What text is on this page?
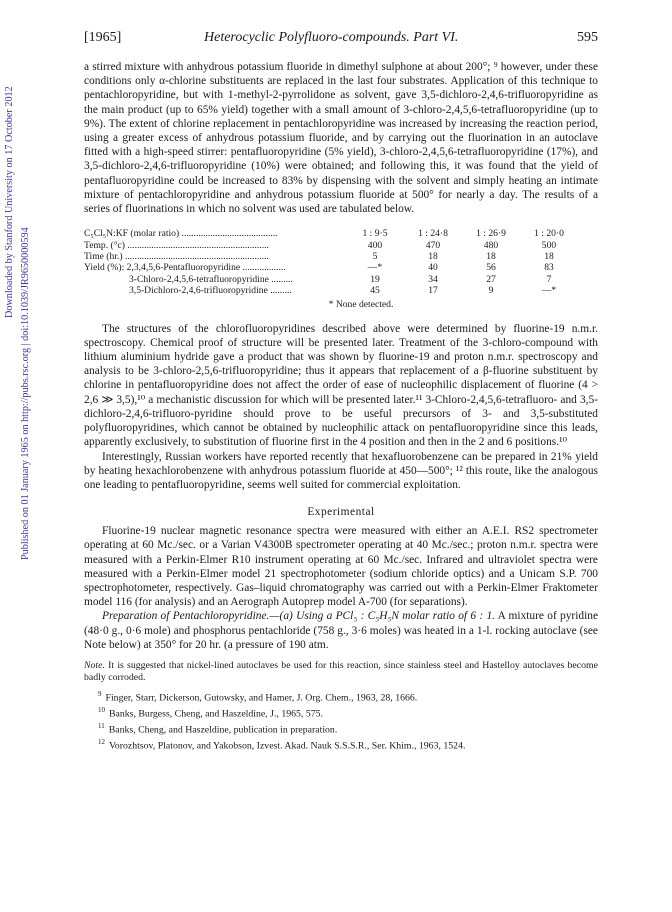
Downloaded by Stanford University on 17 October 2012
Published on 01 January 1965 on http://pubs.rsc.org | doi:10.1039/JR9650000594
[1965]	Heterocyclic Polyfluoro-compounds. Part VI.	595

a stirred mixture with anhydrous potassium fluoride in dimethyl sulphone at about 200°; ⁹ however, under these conditions only α-chlorine substituents are replaced in the last four substrates. Application of this technique to pentachloropyridine, but with 1-methyl-2-pyrrolidone as solvent, gave 3,5-dichloro-2,4,6-trifluoropyridine as the main product (up to 65% yield) together with a small amount of 3-chloro-2,4,5,6-tetrafluoropyridine (up to 9%). The extent of chlorine replacement in pentachloropyridine was increased by increasing the reaction period, using a greater excess of anhydrous potassium fluoride, and by carrying out the fluorination in an autoclave fitted with a high-speed stirrer: pentafluoropyridine (5% yield), 3-chloro-2,4,5,6-tetrafluoropyridine (17%), and 3,5-dichloro-2,4,6-trifluoropyridine (10%) were obtained; and following this, it was found that the yield of pentafluoropyridine could be increased to 83% by dispensing with the solvent and simply heating an intimate mixture of pentachloropyridine and anhydrous potassium fluoride at 500° for nearly a day. The results of a series of fluorinations in which no solvent was used are tabulated below.

C₅Cl₅N:KF (molar ratio) ........................................	1 : 9·5	1 : 24·8	1 : 26·9	1 : 20·0
Temp. (°c) ...........................................................	400	470	480	500
Time (hr.) ............................................................	5	18	18	18
Yield (%): 2,3,4,5,6-Pentafluoropyridine ..................	—*	40	56	83
3-Chloro-2,4,5,6-tetrafluoropyridine .........	19	34	27	7
3,5-Dichloro-2,4,6-trifluoropyridine .........	45	17	9	—*
* None detected.

The structures of the chlorofluoropyridines described above were determined by fluorine-19 n.m.r. spectroscopy. Chemical proof of structure will be presented later. Treatment of the 3-chloro-compound with lithium aluminium hydride gave a product that was shown by fluorine-19 and proton n.m.r. spectroscopy and analysis to be 3-chloro-2,5,6-trifluoropyridine; thus it appears that replacement of a β-fluorine substituent by chlorine in pentafluoropyridine does not affect the order of ease of nucleophilic displacement of fluorine (4 > 2,6 ≫ 3,5),¹⁰ a mechanistic discussion for which will be presented later.¹¹ 3-Chloro-2,4,5,6-tetrafluoro- and 3,5-dichloro-2,4,6-trifluoro-pyridine should prove to be useful precursors of 3- and 3,5-substituted polyfluoropyridines, which cannot be obtained by nucleophilic attack on pentafluoropyridine since this leads, apparently exclusively, to substitution of fluorine first in the 4 position and then in the 2 and 6 positions.¹⁰

Interestingly, Russian workers have reported recently that hexafluorobenzene can be prepared in 21% yield by heating hexachlorobenzene with anhydrous potassium fluoride at 450—500°; ¹² this route, like the analogous one leading to pentafluoropyridine, seems well suited for commercial exploitation.

Experimental

Fluorine-19 nuclear magnetic resonance spectra were measured with either an A.E.I. RS2 spectrometer operating at 60 Mc./sec. or a Varian V4300B spectrometer operating at 40 Mc./sec.; proton n.m.r. spectra were measured with a Perkin-Elmer R10 instrument operating at 60 Mc./sec. Infrared and ultraviolet spectra were measured with a Perkin-Elmer model 21 spectrophotometer (sodium chloride optics) and a Unicam S.P. 700 spectrophotometer, respectively. Gas–liquid chromatography was carried out with a Perkin-Elmer Fraktometer model 116 (for analysis) and an Aerograph Autoprep model A-700 (for separations).

Preparation of Pentachloropyridine.—(a) Using a PCl₅ : C₅H₅N molar ratio of 6 : 1. A mixture of pyridine (48·0 g., 0·6 mole) and phosphorus pentachloride (758 g., 3·6 moles) was heated in a 1-l. rocking autoclave (see Note below) at 350° for 20 hr. (a pressure of 190 atm.

Note. It is suggested that nickel-lined autoclaves be used for this reaction, since stainless steel and Hastelloy autoclaves become badly corroded.
$^9$ Finger, Starr, Dickerson, Gutowsky, and Hamer, J. Org. Chem., 1963, 28, 1666.
$^{10}$ Banks, Burgess, Cheng, and Haszeldine, J., 1965, 575.
$^{11}$ Banks, Cheng, and Haszeldine, publication in preparation.
$^{12}$ Vorozhtsov, Platonov, and Yakobson, Izvest. Akad. Nauk S.S.S.R., Ser. Khim., 1963, 1524.
